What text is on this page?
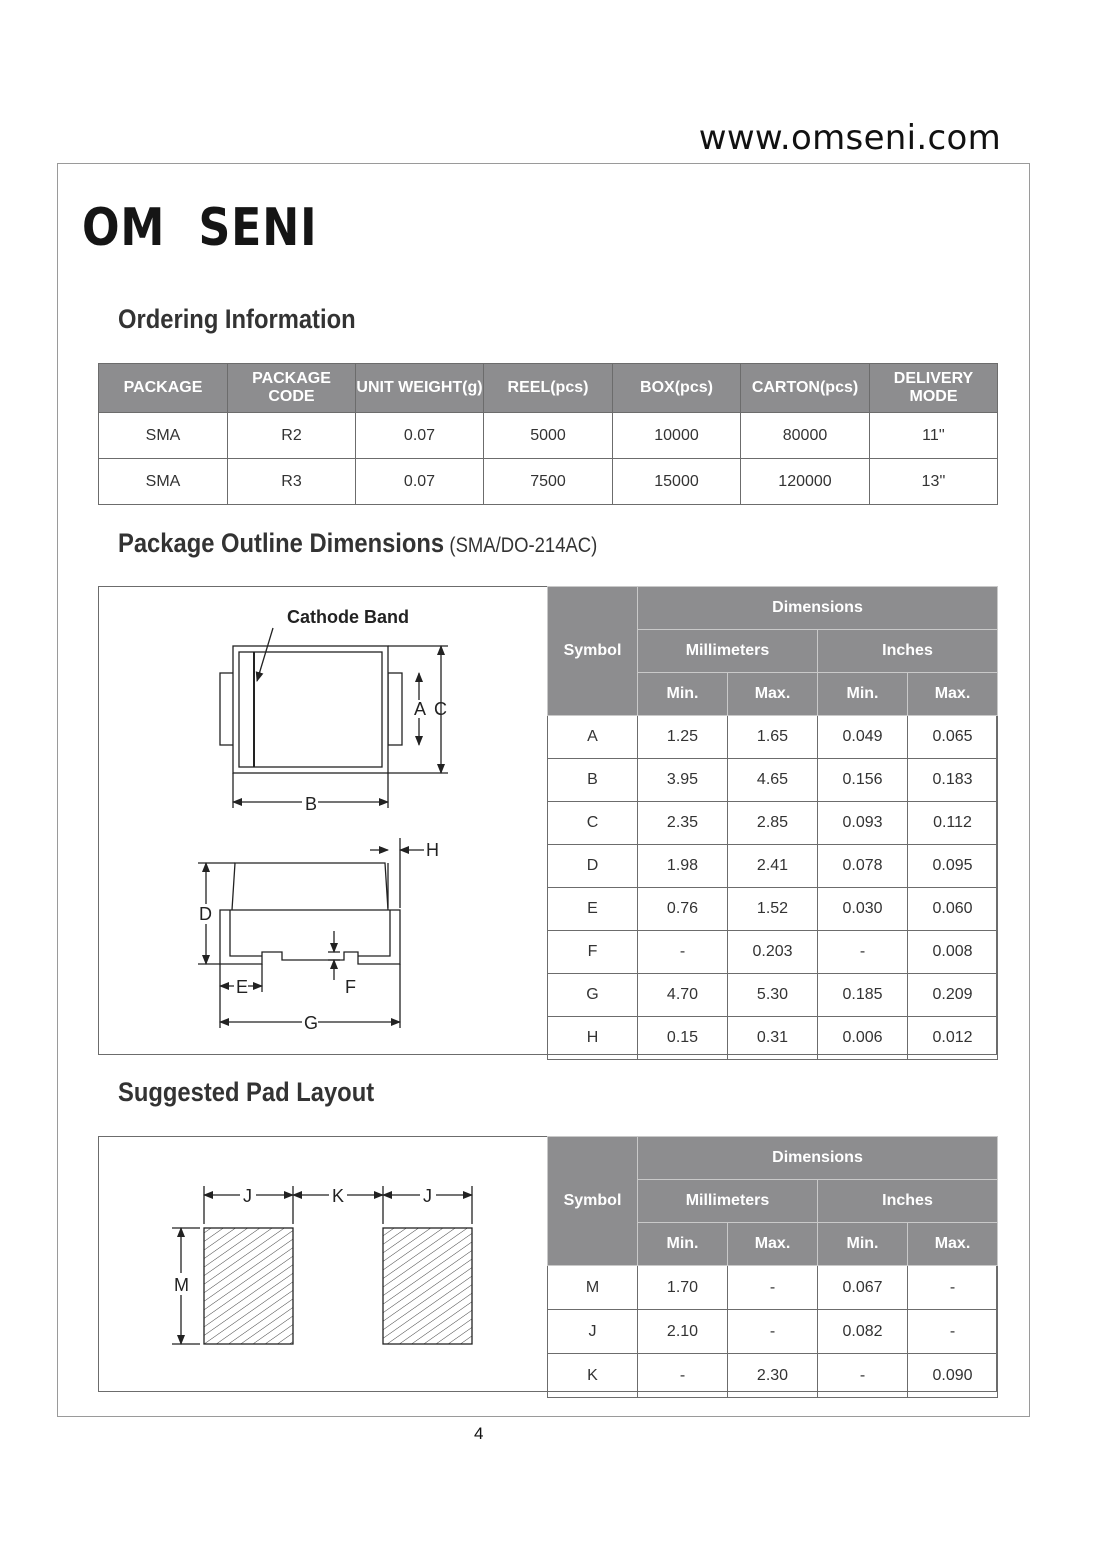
www.omseni.com
OM SENI
Ordering Information
PACKAGE	PACKAGE CODE	UNIT WEIGHT(g)	REEL(pcs)	BOX(pcs)	CARTON(pcs)	DELIVERY MODE
SMA	R2	0.07	5000	10000	80000	11''
SMA	R3	0.07	7500	15000	120000	13''
Package Outline Dimensions (SMA/DO-214AC)
Cathode Band
A C
B
H
D
E	F
G
Symbol	Dimensions			
	Millimeters		Inches	
	Min.	Max.	Min.	Max.
A	1.25	1.65	0.049	0.065
B	3.95	4.65	0.156	0.183
C	2.35	2.85	0.093	0.112
D	1.98	2.41	0.078	0.095
E	0.76	1.52	0.030	0.060
F	-	0.203	-	0.008
G	4.70	5.30	0.185	0.209
H	0.15	0.31	0.006	0.012
Suggested Pad Layout
J	K	J
M
Symbol	Dimensions			
	Millimeters		Inches	
	Min.	Max.	Min.	Max.
M	1.70	-	0.067	-
J	2.10	-	0.082	-
K	-	2.30	-	0.090
4
